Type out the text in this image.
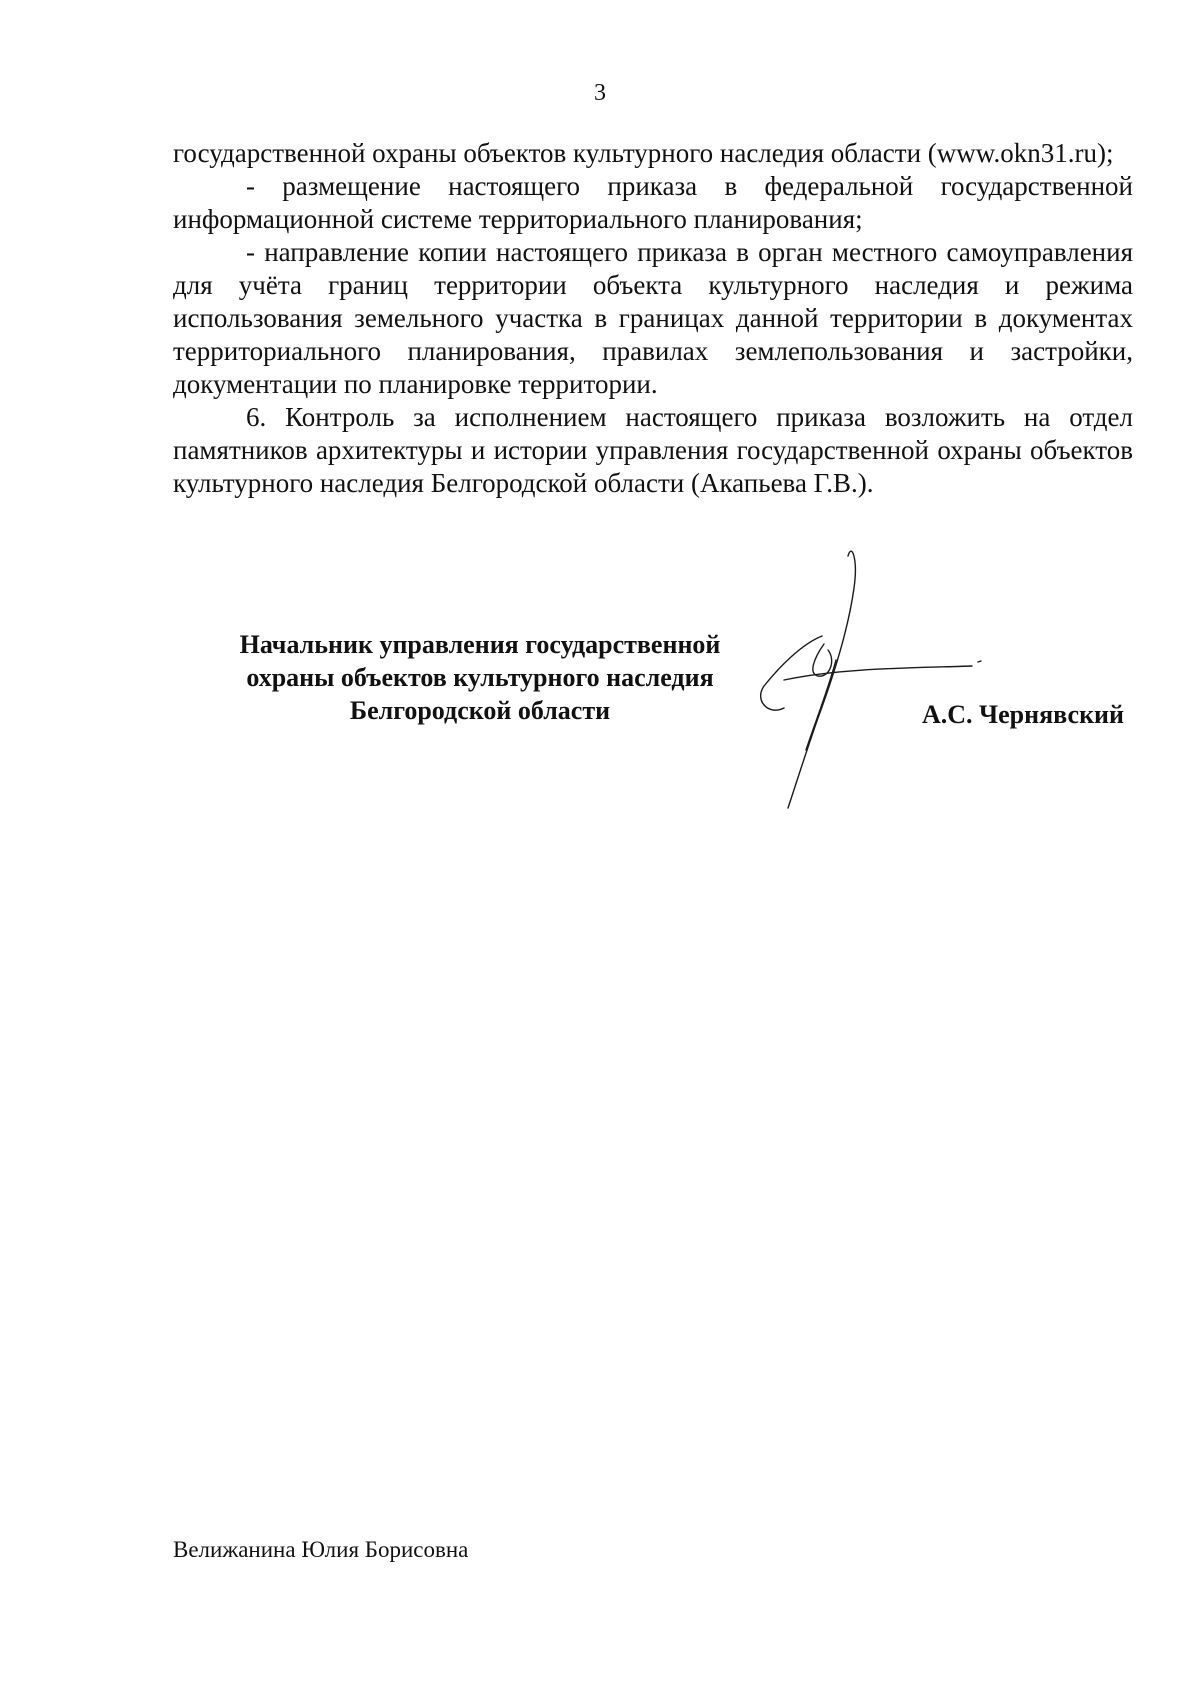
3

государственной охраны объектов культурного наследия области (www.okn31.ru);

- размещение настоящего приказа в федеральной государственной информационной системе территориального планирования;

- направление копии настоящего приказа в орган местного самоуправления для учёта границ территории объекта культурного наследия и режима использования земельного участка в границах данной территории в документах территориального планирования, правилах землепользования и застройки, документации по планировке территории.

6. Контроль за исполнением настоящего приказа возложить на отдел памятников архитектуры и истории управления государственной охраны объектов культурного наследия Белгородской области (Акапьева Г.В.).

Начальник управления государственной
охраны объектов культурного наследия
Белгородской области	А.С. Чернявский
Велижанина Юлия Борисовна
